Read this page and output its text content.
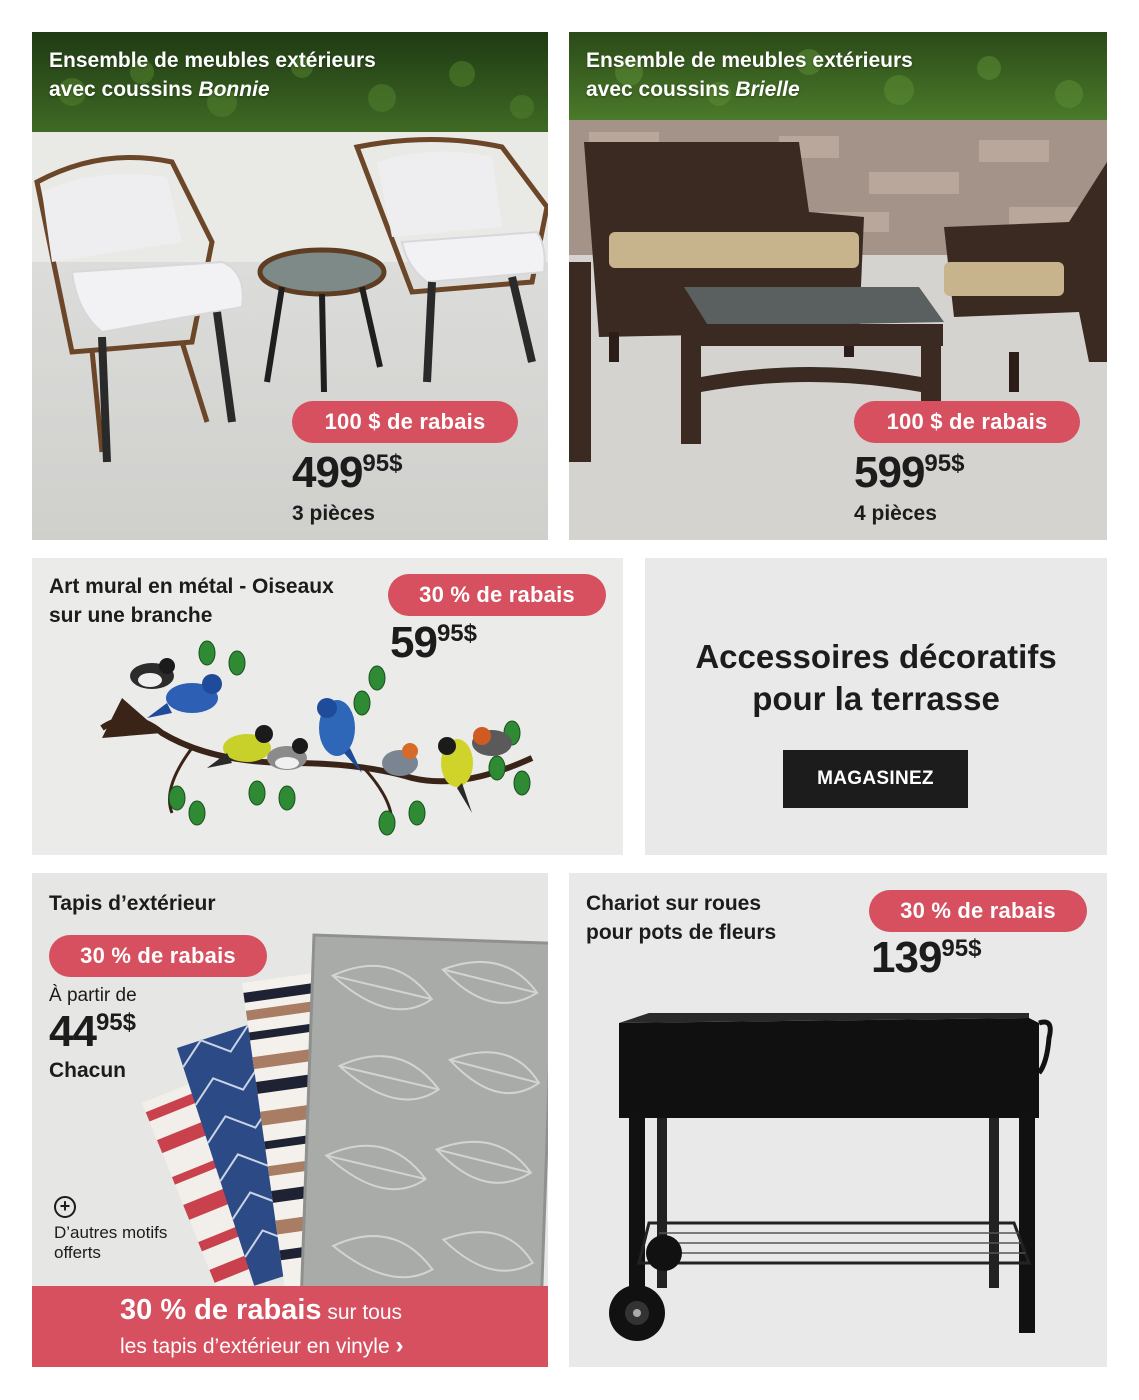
Ensemble de meubles extérieurs
avec coussins Bonnie
100 $ de rabais
49995$
3 pièces
Ensemble de meubles extérieurs
avec coussins Brielle
100 $ de rabais
59995$
4 pièces
Art mural en métal - Oiseaux
sur une branche
30 % de rabais
5995$
Accessoires décoratifs
pour la terrasse
MAGASINEZ
Tapis d’extérieur
30 % de rabais
À partir de
4495$
Chacun
+
D’autres motifs
offerts
30 % de rabais sur tous
les tapis d’extérieur en vinyle ›
Chariot sur roues
pour pots de fleurs
30 % de rabais
13995$
